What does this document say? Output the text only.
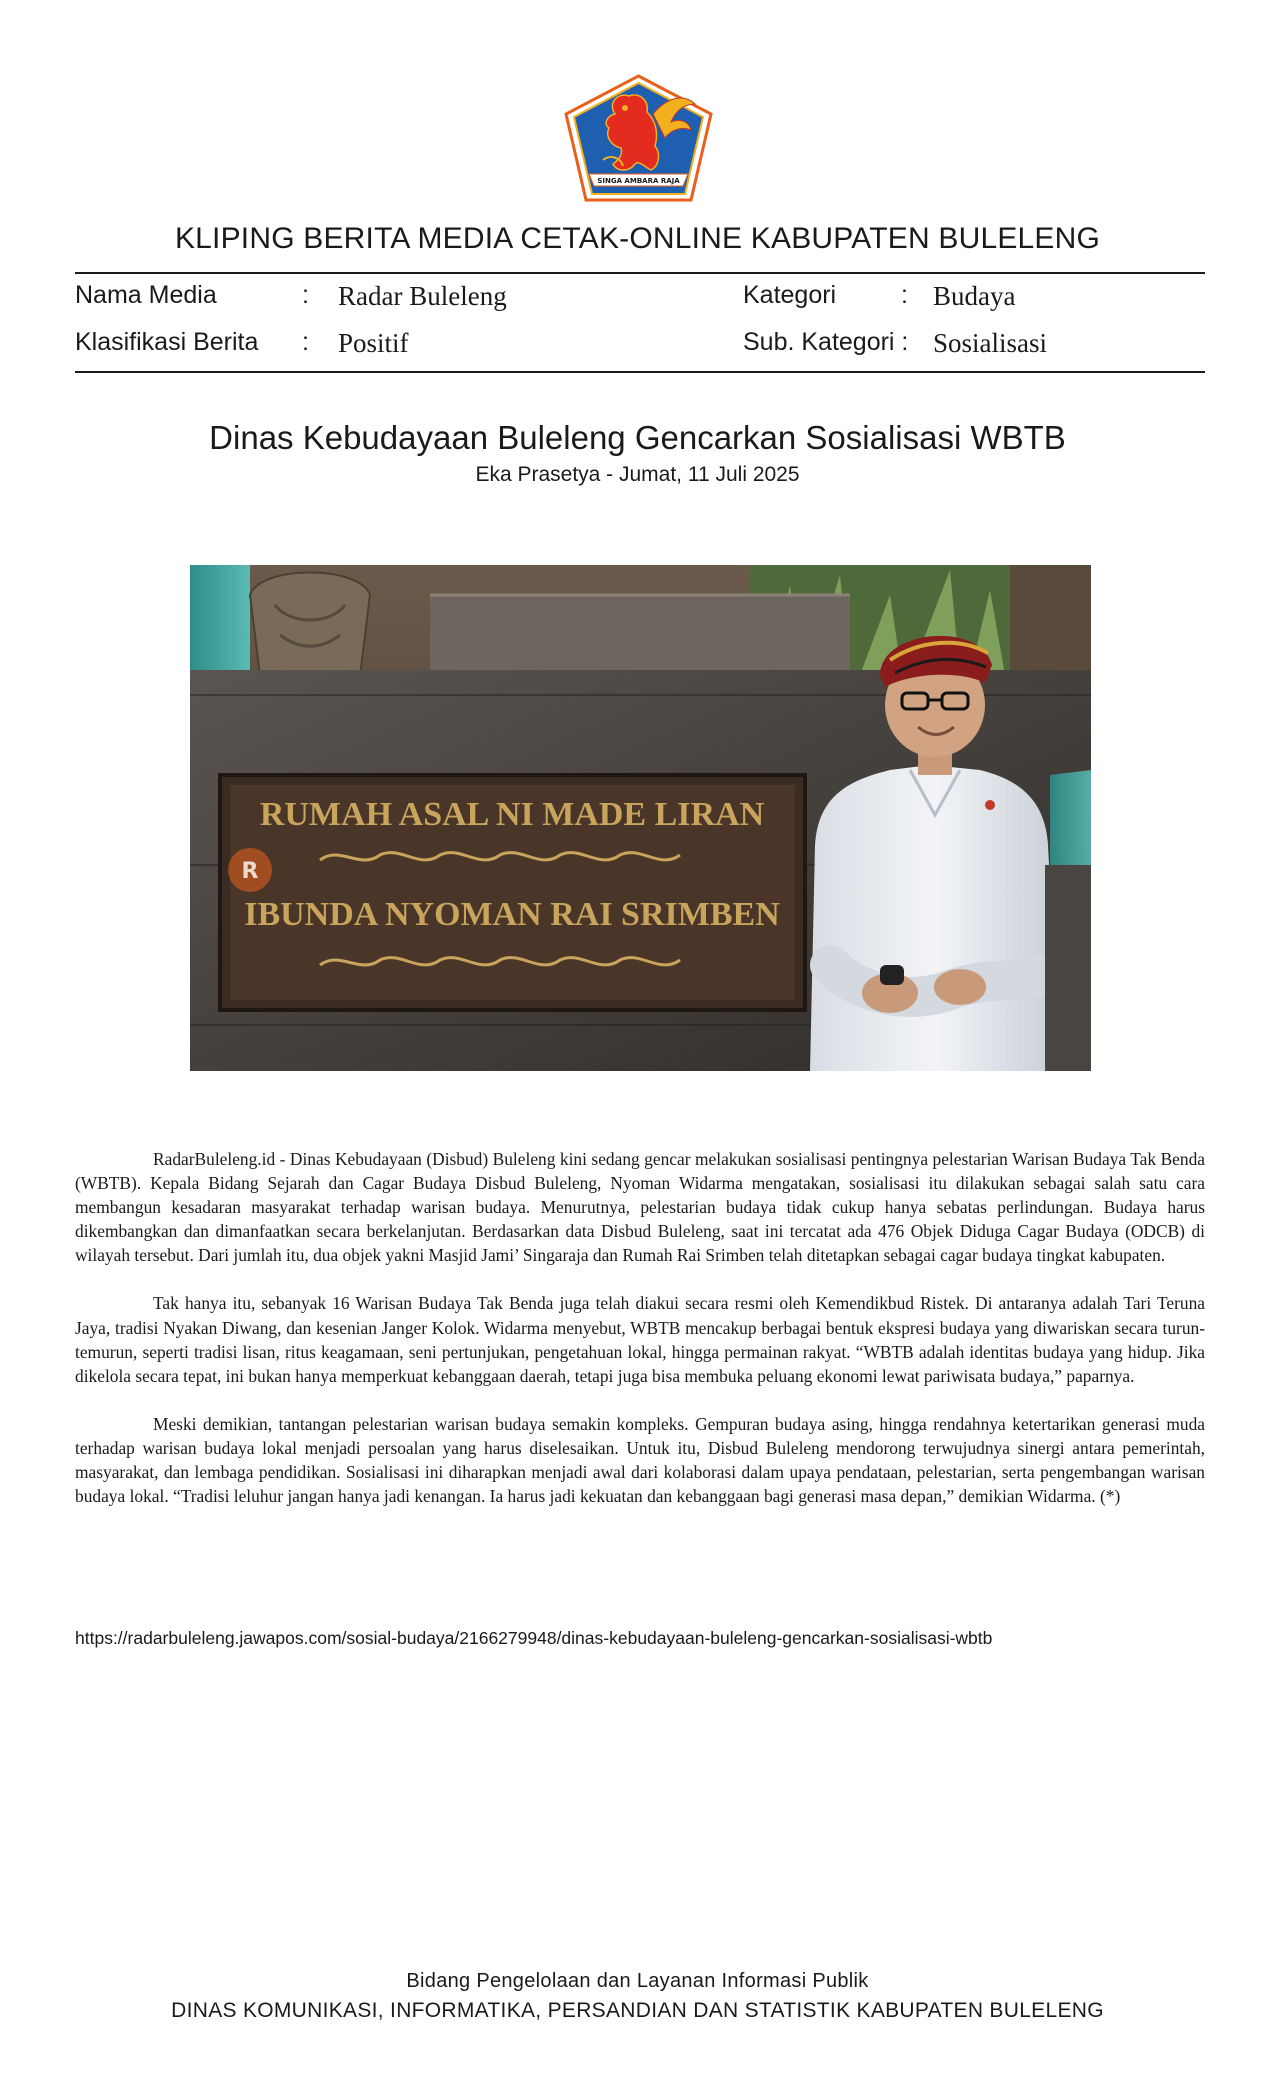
SINGA AMBARA RAJA
KLIPING BERITA MEDIA CETAK-ONLINE KABUPATEN BULELENG
Nama Media	: Radar Buleleng	Kategori	: Budaya
Klasifikasi Berita : Positif	Sub. Kategori : Sosialisasi
Dinas Kebudayaan Buleleng Gencarkan Sosialisasi WBTB
Eka Prasetya - Jumat, 11 Juli 2025
RUMAH ASAL NI MADE LIRAN
IBUNDA NYOMAN RAI SRIMBEN
R

RadarBuleleng.id - Dinas Kebudayaan (Disbud) Buleleng kini sedang gencar melakukan sosialisasi pentingnya pelestarian Warisan Budaya Tak Benda (WBTB). Kepala Bidang Sejarah dan Cagar Budaya Disbud Buleleng, Nyoman Widarma mengatakan, sosialisasi itu dilakukan sebagai salah satu cara membangun kesadaran masyarakat terhadap warisan budaya. Menurutnya, pelestarian budaya tidak cukup hanya sebatas perlindungan. Budaya harus dikembangkan dan dimanfaatkan secara berkelanjutan. Berdasarkan data Disbud Buleleng, saat ini tercatat ada 476 Objek Diduga Cagar Budaya (ODCB) di wilayah tersebut. Dari jumlah itu, dua objek yakni Masjid Jami’ Singaraja dan Rumah Rai Srimben telah ditetapkan sebagai cagar budaya tingkat kabupaten.

Tak hanya itu, sebanyak 16 Warisan Budaya Tak Benda juga telah diakui secara resmi oleh Kemendikbud Ristek. Di antaranya adalah Tari Teruna Jaya, tradisi Nyakan Diwang, dan kesenian Janger Kolok. Widarma menyebut, WBTB mencakup berbagai bentuk ekspresi budaya yang diwariskan secara turun-temurun, seperti tradisi lisan, ritus keagamaan, seni pertunjukan, pengetahuan lokal, hingga permainan rakyat. “WBTB adalah identitas budaya yang hidup. Jika dikelola secara tepat, ini bukan hanya memperkuat kebanggaan daerah, tetapi juga bisa membuka peluang ekonomi lewat pariwisata budaya,” paparnya.

Meski demikian, tantangan pelestarian warisan budaya semakin kompleks. Gempuran budaya asing, hingga rendahnya ketertarikan generasi muda terhadap warisan budaya lokal menjadi persoalan yang harus diselesaikan. Untuk itu, Disbud Buleleng mendorong terwujudnya sinergi antara pemerintah, masyarakat, dan lembaga pendidikan. Sosialisasi ini diharapkan menjadi awal dari kolaborasi dalam upaya pendataan, pelestarian, serta pengembangan warisan budaya lokal. “Tradisi leluhur jangan hanya jadi kenangan. Ia harus jadi kekuatan dan kebanggaan bagi generasi masa depan,” demikian Widarma. (*)

https://radarbuleleng.jawapos.com/sosial-budaya/2166279948/dinas-kebudayaan-buleleng-gencarkan-sosialisasi-wbtb
Bidang Pengelolaan dan Layanan Informasi Publik
DINAS KOMUNIKASI, INFORMATIKA, PERSANDIAN DAN STATISTIK KABUPATEN BULELENG
